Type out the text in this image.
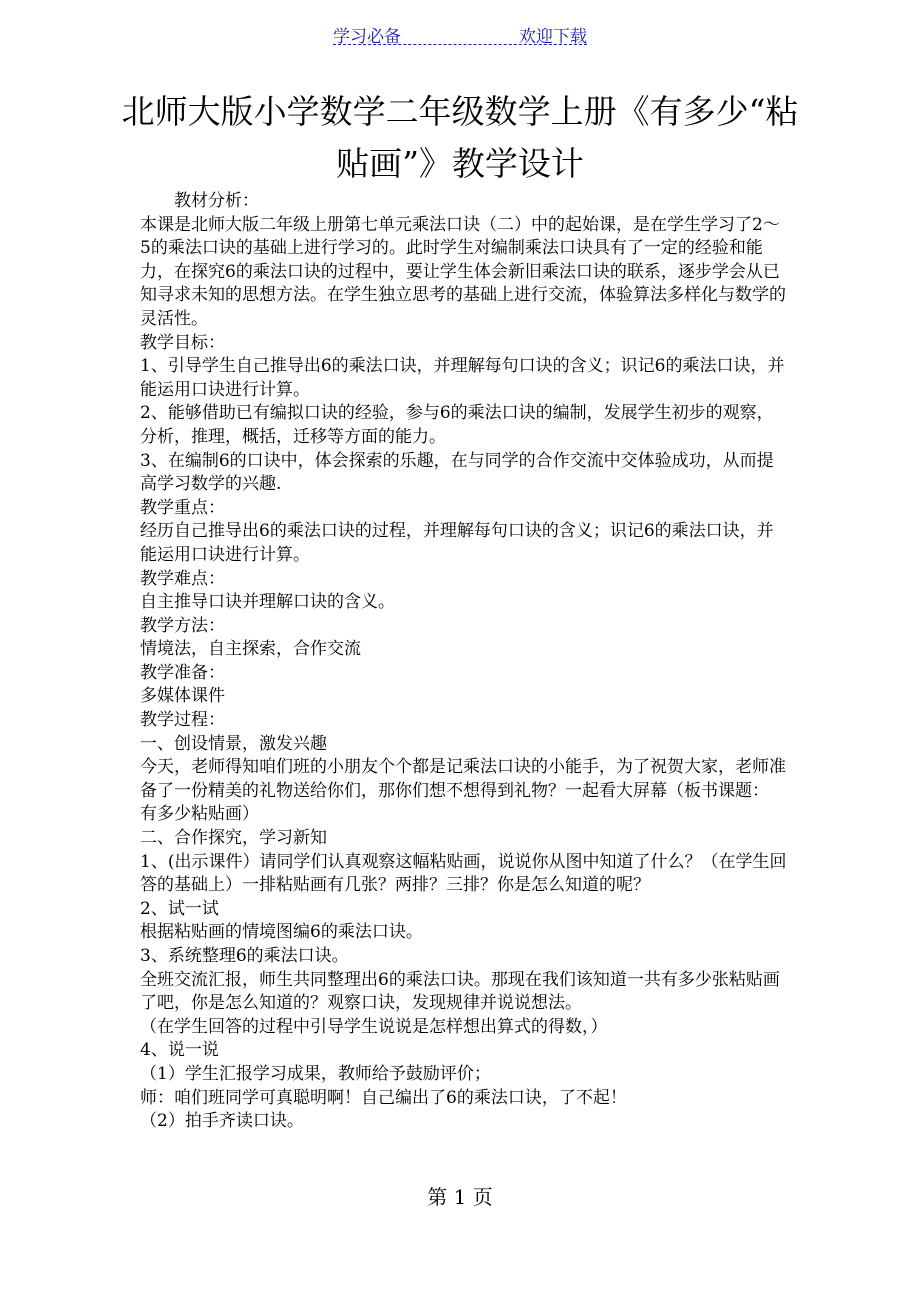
学习必备	欢迎下载
北师大版小学数学二年级数学上册《有多少“粘贴画”》教学设计

教材分析：

本课是北师大版二年级上册第七单元乘法口诀（二）中的起始课，是在学生学习了2～5的乘法口诀的基础上进行学习的。此时学生对编制乘法口诀具有了一定的经验和能力，在探究6的乘法口诀的过程中，要让学生体会新旧乘法口诀的联系，逐步学会从已知寻求未知的思想方法。在学生独立思考的基础上进行交流，体验算法多样化与数学的灵活性。

教学目标：

1、引导学生自己推导出6的乘法口诀，并理解每句口诀的含义；识记6的乘法口诀，并能运用口诀进行计算。

2、能够借助已有编拟口诀的经验，参与6的乘法口诀的编制，发展学生初步的观察，分析，推理，概括，迁移等方面的能力。

3、在编制6的口诀中，体会探索的乐趣，在与同学的合作交流中交体验成功，从而提高学习数学的兴趣.

教学重点：

经历自己推导出6的乘法口诀的过程，并理解每句口诀的含义；识记6的乘法口诀，并能运用口诀进行计算。

教学难点：

自主推导口诀并理解口诀的含义。

教学方法：

情境法，自主探索，合作交流

教学准备：

多媒体课件

教学过程：

一、创设情景，激发兴趣

今天，老师得知咱们班的小朋友个个都是记乘法口诀的小能手，为了祝贺大家，老师准备了一份精美的礼物送给你们，那你们想不想得到礼物？一起看大屏幕（板书课题：　有多少粘贴画）

二、合作探究，学习新知

1、(出示课件）请同学们认真观察这幅粘贴画，说说你从图中知道了什么？（在学生回答的基础上）一排粘贴画有几张？两排？三排？你是怎么知道的呢？

2、试一试

根据粘贴画的情境图编6的乘法口诀。

3、系统整理6的乘法口诀。

全班交流汇报，师生共同整理出6的乘法口诀。那现在我们该知道一共有多少张粘贴画了吧，你是怎么知道的？观察口诀，发现规律并说说想法。

（在学生回答的过程中引导学生说说是怎样想出算式的得数，）

4、说一说

（1）学生汇报学习成果，教师给予鼓励评价；

师：咱们班同学可真聪明啊！自己编出了6的乘法口诀，了不起！

（2）拍手齐读口诀。

第 1 页
